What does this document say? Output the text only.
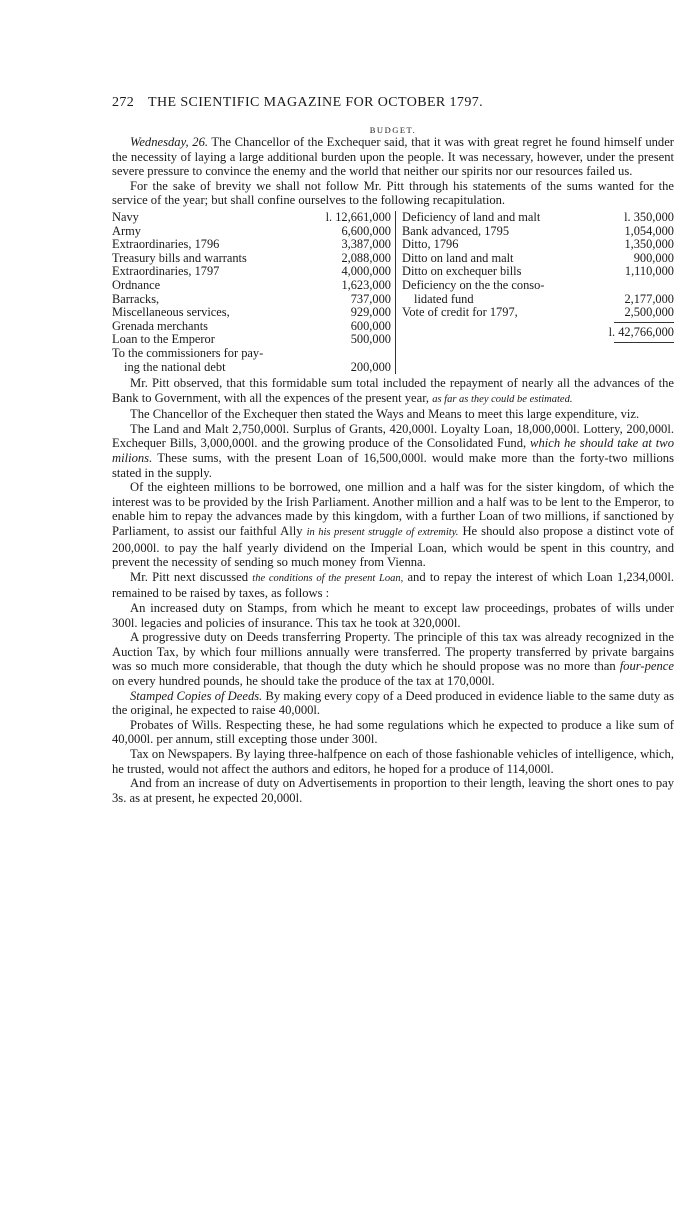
272 THE SCIENTIFIC MAGAZINE FOR OCTOBER 1797.
BUDGET.

Wednesday, 26. The Chancellor of the Exchequer said, that it was with great regret he found himself under the necessity of laying a large additional burden upon the people. It was necessary, however, under the present severe pressure to convince the enemy and the world that neither our spirits nor our resources failed us.

For the sake of brevity we shall not follow Mr. Pitt through his statements of the sums wanted for the service of the year; but shall confine ourselves to the following recapitulation.

Navy	l. 12,661,000
Army	6,600,000
Extraordinaries, 1796	3,387,000
Treasury bills and warrants	2,088,000
Extraordinaries, 1797	4,000,000
Ordnance	1,623,000
Barracks,	737,000
Miscellaneous services,	929,000
Grenada merchants	600,000
Loan to the Emperor	500,000
To the commissioners for pay-
ing the national debt	200,000
Deficiency of land and malt	l. 350,000
Bank advanced, 1795	1,054,000
Ditto, 1796	1,350,000
Ditto on land and malt	900,000
Ditto on exchequer bills	1,110,000
Deficiency on the the conso-
lidated fund	2,177,000
Vote of credit for 1797,	2,500,000
l. 42,766,000

Mr. Pitt observed, that this formidable sum total included the repayment of nearly all the advances of the Bank to Government, with all the expences of the present year, as far as they could be estimated.

The Chancellor of the Exchequer then stated the Ways and Means to meet this large expenditure, viz.

The Land and Malt 2,750,000l. Surplus of Grants, 420,000l. Loyalty Loan, 18,000,000l. Lottery, 200,000l. Exchequer Bills, 3,000,000l. and the growing produce of the Consolidated Fund, which he should take at two milions. These sums, with the present Loan of 16,500,000l. would make more than the forty-two millions stated in the supply.

Of the eighteen millions to be borrowed, one million and a half was for the sister kingdom, of which the interest was to be provided by the Irish Parliament. Another million and a half was to be lent to the Emperor, to enable him to repay the advances made by this kingdom, with a further Loan of two millions, if sanctioned by Parliament, to assist our faithful Ally in his present struggle of extremity. He should also propose a distinct vote of 200,000l. to pay the half yearly dividend on the Imperial Loan, which would be spent in this country, and prevent the necessity of sending so much money from Vienna.

Mr. Pitt next discussed the conditions of the present Loan, and to repay the interest of which Loan 1,234,000l. remained to be raised by taxes, as follows :

An increased duty on Stamps, from which he meant to except law proceedings, probates of wills under 300l. legacies and policies of insurance. This tax he took at 320,000l.

A progressive duty on Deeds transferring Property. The principle of this tax was already recognized in the Auction Tax, by which four millions annually were transferred. The property transferred by private bargains was so much more considerable, that though the duty which he should propose was no more than four-pence on every hundred pounds, he should take the produce of the tax at 170,000l.

Stamped Copies of Deeds. By making every copy of a Deed produced in evidence liable to the same duty as the original, he expected to raise 40,000l.

Probates of Wills. Respecting these, he had some regulations which he expected to produce a like sum of 40,000l. per annum, still excepting those under 300l.

Tax on Newspapers. By laying three-halfpence on each of those fashionable vehicles of intelligence, which, he trusted, would not affect the authors and editors, he hoped for a produce of 114,000l.

And from an increase of duty on Advertisements in proportion to their length, leaving the short ones to pay 3s. as at present, he expected 20,000l.
